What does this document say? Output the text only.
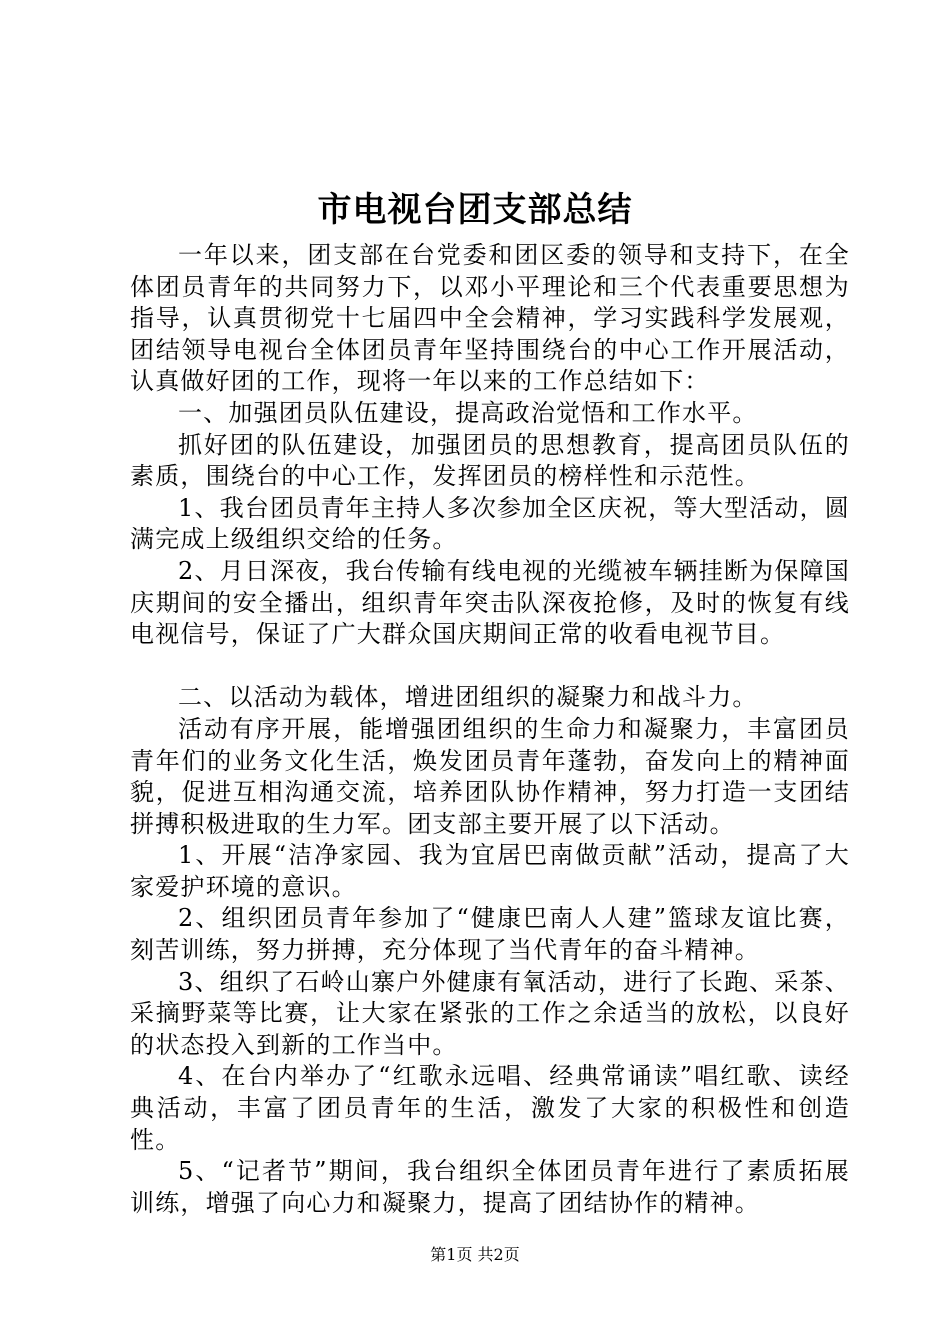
市电视台团支部总结

一年以来，团支部在台党委和团区委的领导和支持下，在全体团员青年的共同努力下，以邓小平理论和三个代表重要思想为指导，认真贯彻党十七届四中全会精神，学习实践科学发展观，团结领导电视台全体团员青年坚持围绕台的中心工作开展活动，认真做好团的工作，现将一年以来的工作总结如下：

一、加强团员队伍建设，提高政治觉悟和工作水平。

抓好团的队伍建设，加强团员的思想教育，提高团员队伍的素质，围绕台的中心工作，发挥团员的榜样性和示范性。

1、我台团员青年主持人多次参加全区庆祝，等大型活动，圆满完成上级组织交给的任务。

2、月日深夜，我台传输有线电视的光缆被车辆挂断为保障国庆期间的安全播出，组织青年突击队深夜抢修，及时的恢复有线电视信号，保证了广大群众国庆期间正常的收看电视节目。

二、以活动为载体，增进团组织的凝聚力和战斗力。

活动有序开展，能增强团组织的生命力和凝聚力，丰富团员青年们的业务文化生活，焕发团员青年蓬勃，奋发向上的精神面貌，促进互相沟通交流，培养团队协作精神，努力打造一支团结拼搏积极进取的生力军。团支部主要开展了以下活动。

1、开展“洁净家园、我为宜居巴南做贡献”活动，提高了大家爱护环境的意识。

2、组织团员青年参加了“健康巴南人人建”篮球友谊比赛，刻苦训练，努力拼搏，充分体现了当代青年的奋斗精神。

3、组织了石岭山寨户外健康有氧活动，进行了长跑、采茶、采摘野菜等比赛，让大家在紧张的工作之余适当的放松，以良好的状态投入到新的工作当中。

4、在台内举办了“红歌永远唱、经典常诵读”唱红歌、读经典活动，丰富了团员青年的生活，激发了大家的积极性和创造性。

5、“记者节”期间，我台组织全体团员青年进行了素质拓展训练，增强了向心力和凝聚力，提高了团结协作的精神。

第1页 共2页
